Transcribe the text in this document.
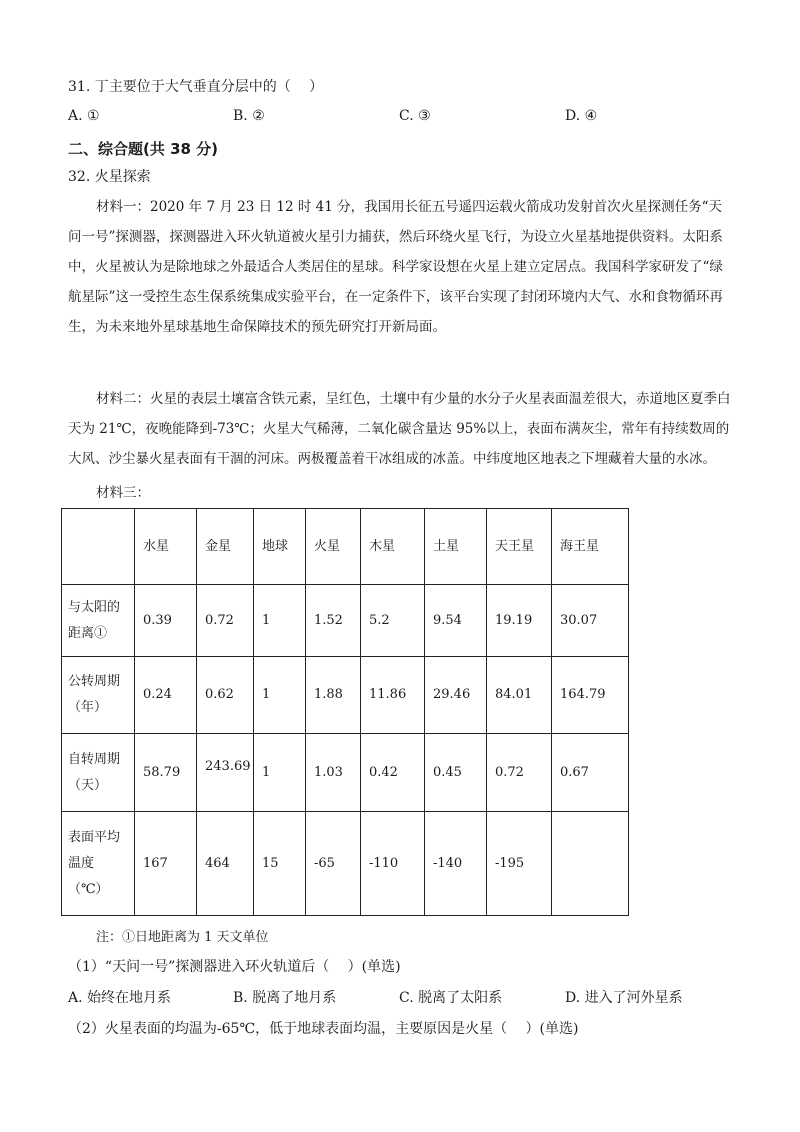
31. 丁主要位于大气垂直分层中的（　 ）
A. ①	B. ②	C. ③	D. ④
二、综合题(共 38 分)
32. 火星探索

材料一：2020 年 7 月 23 日 12 时 41 分，我国用长征五号遥四运载火箭成功发射首次火星探测任务“天问一号”探测器，探测器进入环火轨道被火星引力捕获，然后环绕火星飞行，为设立火星基地提供资料。太阳系中，火星被认为是除地球之外最适合人类居住的星球。科学家设想在火星上建立定居点。我国科学家研发了“绿航星际”这一受控生态生保系统集成实验平台，在一定条件下，该平台实现了封闭环境内大气、水和食物循环再生，为未来地外星球基地生命保障技术的预先研究打开新局面。

材料二：火星的表层土壤富含铁元素，呈红色，土壤中有少量的水分子火星表面温差很大，赤道地区夏季白天为 21℃，夜晚能降到-73℃；火星大气稀薄，二氧化碳含量达 95%以上，表面布满灰尘，常年有持续数周的大风、沙尘暴火星表面有干涸的河床。两极覆盖着干冰组成的冰盖。中纬度地区地表之下埋藏着大量的水冰。

材料三：
	水星	金星	地球	火星	木星	土星	天王星	海王星

与太阳的
距离①	0.39	0.72	1	1.52	5.2	9.54	19.19	30.07

公转周期
（年）	0.24	0.62	1	1.88	11.86	29.46	84.01	164.79

自转周期
（天）	58.79	243.69	1	1.03	0.42	0.45	0.72	0.67

表面平均
温度
（℃）	167	464	15	-65	-110	-140	-195	
注：①日地距离为 1 天文单位
（1）“天问一号”探测器进入环火轨道后（　 ）(单选)
A. 始终在地月系	B. 脱离了地月系	C. 脱离了太阳系	D. 进入了河外星系
（2）火星表面的均温为-65℃，低于地球表面均温，主要原因是火星（　 ）(单选)
